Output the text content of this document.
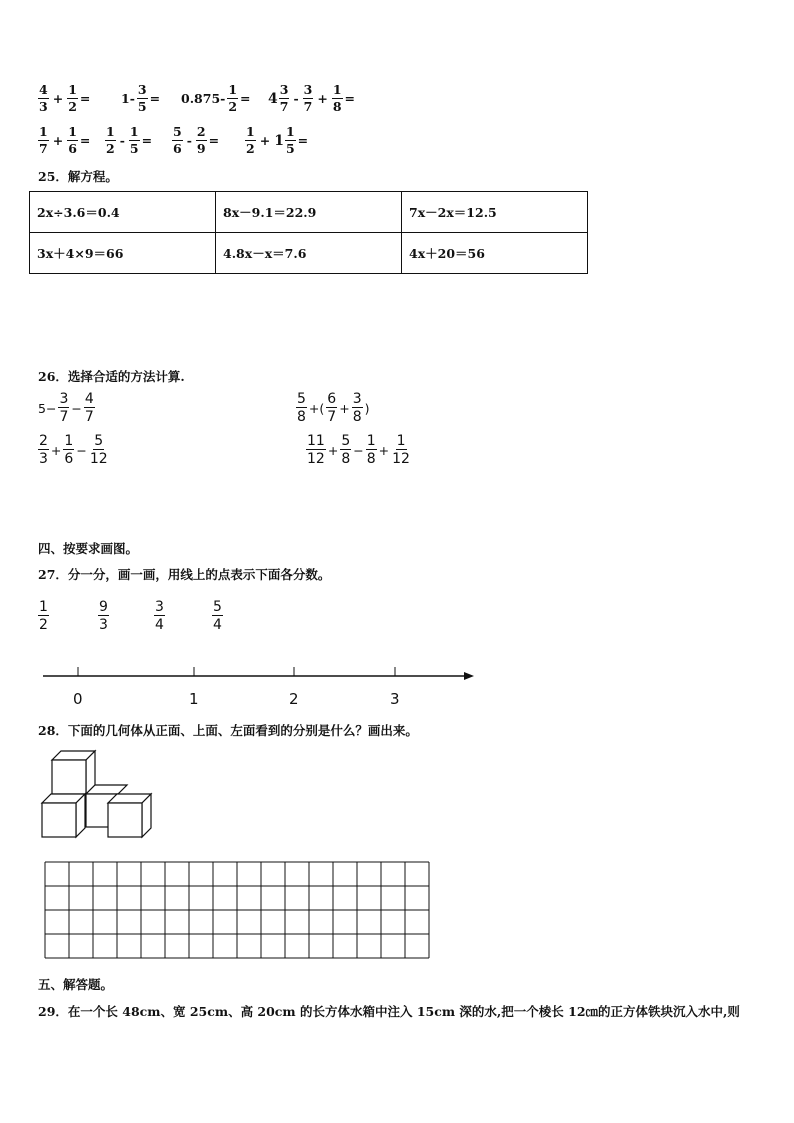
$\frac{4}{3} + \frac{1}{2} = 1- \frac{3}{5} = 0.875- \frac{1}{2} = 4 \frac{3}{7} - \frac{3}{7} + \frac{1}{8}$ =
$\frac{1}{7} + \frac{1}{6} = \frac{1}{2} - \frac{1}{5} = \frac{5}{6} - \frac{2}{9} = \frac{1}{2} + 1 \frac{1}{5}$ =
25．解方程。
2x÷3.6＝0.4	8x－9.1＝22.9	7x－2x＝12.5
3x＋4×9＝66	4.8x－x＝7.6	4x＋20＝56
26．选择合适的方法计算.
$5- \frac{3}{7} - \frac{4}{7}$
$\frac{2}{3} + \frac{1}{6} - \frac{5}{12}$
$\frac{5}{8}$ +( $\frac{6}{7} + \frac{3}{8}$ )
$\frac{11}{12} + \frac{5}{8} - \frac{1}{8} + \frac{1}{12}$
四、按要求画图。
27．分一分，画一画，用线上的点表示下面各分数。
$\frac{1}{2}$	$\frac{9}{3}$	$\frac{3}{4}$	$\frac{5}{4}$
0	1	2	3
28．下面的几何体从正面、上面、左面看到的分别是什么？画出来。
五、解答题。
29．在一个长 48cm、宽 25cm、高 20cm 的长方体水箱中注入 15cm 深的水,把一个棱长 12㎝的正方体铁块沉入水中,则
